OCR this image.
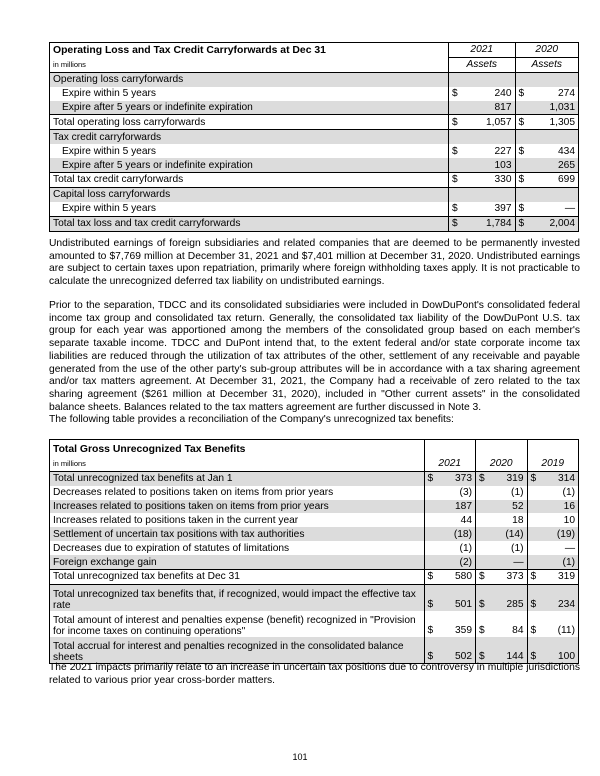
Operating Loss and Tax Credit Carryforwards at Dec 31	2021		2020	
in millions	Assets		Assets	
Operating loss carryforwards				
Expire within 5 years	$	240	$	274
Expire after 5 years or indefinite expiration		817		1,031
Total operating loss carryforwards	$	1,057	$	1,305
Tax credit carryforwards				
Expire within 5 years	$	227	$	434
Expire after 5 years or indefinite expiration		103		265
Total tax credit carryforwards	$	330	$	699
Capital loss carryforwards				
Expire within 5 years	$	397	$	—
Total tax loss and tax credit carryforwards	$	1,784	$	2,004

Undistributed earnings of foreign subsidiaries and related companies that are deemed to be permanently invested amounted to $7,769 million at December 31, 2021 and $7,401 million at December 31, 2020. Undistributed earnings are subject to certain taxes upon repatriation, primarily where foreign withholding taxes apply. It is not practicable to calculate the unrecognized deferred tax liability on undistributed earnings.

Prior to the separation, TDCC and its consolidated subsidiaries were included in DowDuPont's consolidated federal income tax group and consolidated tax return. Generally, the consolidated tax liability of the DowDuPont U.S. tax group for each year was apportioned among the members of the consolidated group based on each member's separate taxable income. TDCC and DuPont intend that, to the extent federal and/or state corporate income tax liabilities are reduced through the utilization of tax attributes of the other, settlement of any receivable and payable generated from the use of the other party's sub-group attributes will be in accordance with a tax sharing agreement and/or tax matters agreement. At December 31, 2021, the Company had a receivable of zero related to the tax sharing agreement ($261 million at December 31, 2020), included in "Other current assets" in the consolidated balance sheets. Balances related to the tax matters agreement are further discussed in Note 3.

The following table provides a reconciliation of the Company's unrecognized tax benefits:

Total Gross Unrecognized Tax Benefits						
in millions	2021		2020		2019	
Total unrecognized tax benefits at Jan 1	$	373	$	319	$	314
Decreases related to positions taken on items from prior years		(3)		(1)		(1)
Increases related to positions taken on items from prior years		187		52		16
Increases related to positions taken in the current year		44		18		10
Settlement of uncertain tax positions with tax authorities		(18)		(14)		(19)
Decreases due to expiration of statutes of limitations		(1)		(1)		—
Foreign exchange gain		(2)		—		(1)
Total unrecognized tax benefits at Dec 31	$	580	$	373	$	319
Total unrecognized tax benefits that, if recognized, would impact the effective tax rate	$	501	$	285	$	234
Total amount of interest and penalties expense (benefit) recognized in "Provision for income taxes on continuing operations"	$	359	$	84	$	(11)
Total accrual for interest and penalties recognized in the consolidated balance sheets	$	502	$	144	$	100

The 2021 impacts primarily relate to an increase in uncertain tax positions due to controversy in multiple jurisdictions related to various prior year cross-border matters.

101
